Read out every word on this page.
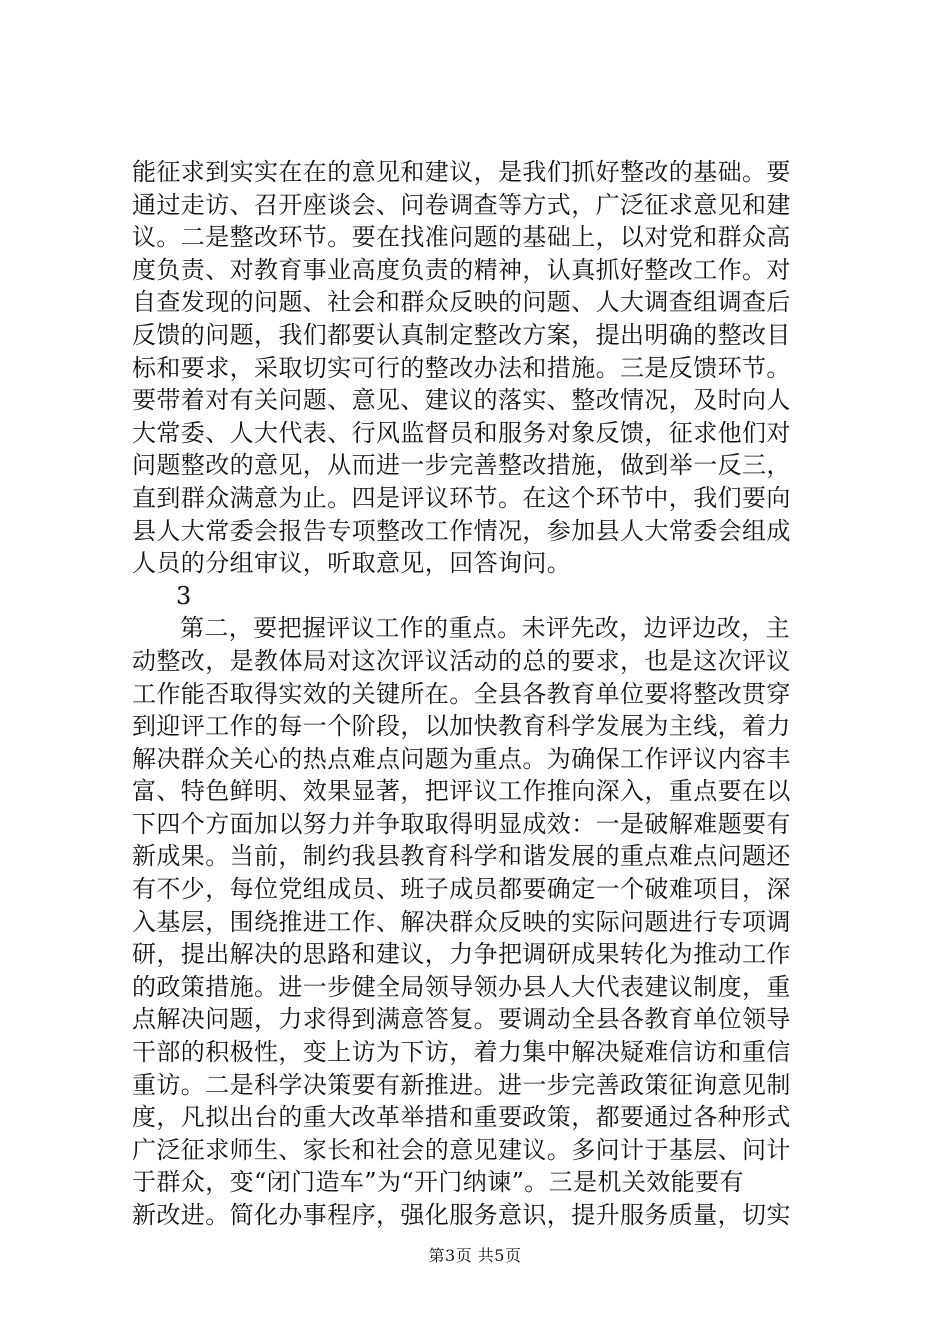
能征求到实实在在的意见和建议，是我们抓好整改的基础。要
通过走访、召开座谈会、问卷调查等方式，广泛征求意见和建
议。二是整改环节。要在找准问题的基础上，以对党和群众高
度负责、对教育事业高度负责的精神，认真抓好整改工作。对
自查发现的问题、社会和群众反映的问题、人大调查组调查后
反馈的问题，我们都要认真制定整改方案，提出明确的整改目
标和要求，采取切实可行的整改办法和措施。三是反馈环节。
要带着对有关问题、意见、建议的落实、整改情况，及时向人
大常委、人大代表、行风监督员和服务对象反馈，征求他们对
问题整改的意见，从而进一步完善整改措施，做到举一反三，
直到群众满意为止。四是评议环节。在这个环节中，我们要向
县人大常委会报告专项整改工作情况，参加县人大常委会组成
人员的分组审议，听取意见，回答询问。
3
第二，要把握评议工作的重点。未评先改，边评边改，主
动整改，是教体局对这次评议活动的总的要求，也是这次评议
工作能否取得实效的关键所在。全县各教育单位要将整改贯穿
到迎评工作的每一个阶段，以加快教育科学发展为主线，着力
解决群众关心的热点难点问题为重点。为确保工作评议内容丰
富、特色鲜明、效果显著，把评议工作推向深入，重点要在以
下四个方面加以努力并争取取得明显成效：一是破解难题要有
新成果。当前，制约我县教育科学和谐发展的重点难点问题还
有不少，每位党组成员、班子成员都要确定一个破难项目，深
入基层，围绕推进工作、解决群众反映的实际问题进行专项调
研，提出解决的思路和建议，力争把调研成果转化为推动工作
的政策措施。进一步健全局领导领办县人大代表建议制度，重
点解决问题，力求得到满意答复。要调动全县各教育单位领导
干部的积极性，变上访为下访，着力集中解决疑难信访和重信
重访。二是科学决策要有新推进。进一步完善政策征询意见制
度，凡拟出台的重大改革举措和重要政策，都要通过各种形式
广泛征求师生、家长和社会的意见建议。多问计于基层、问计
于群众，变“闭门造车”为“开门纳谏”。三是机关效能要有
新改进。简化办事程序，强化服务意识，提升服务质量，切实
第3页 共5页
